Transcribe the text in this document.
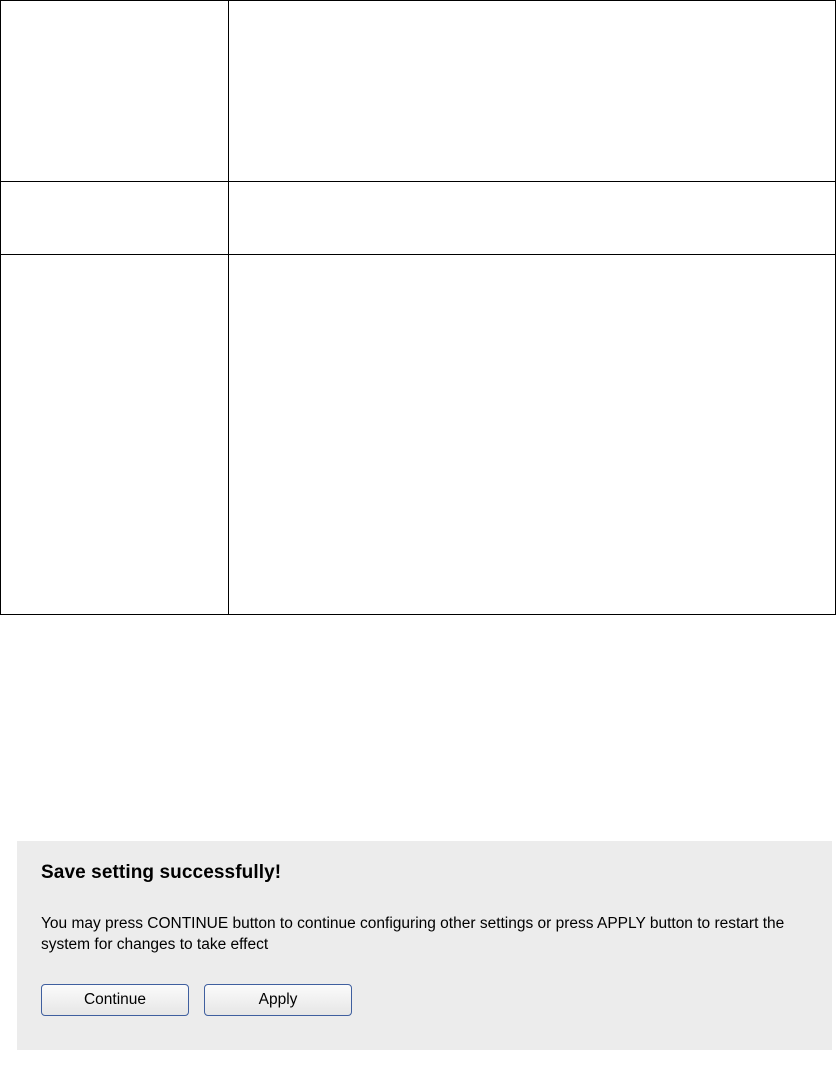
Save setting successfully!
You may press CONTINUE button to continue configuring other settings or press APPLY button to restart the system for changes to take effect
Continue	Apply
